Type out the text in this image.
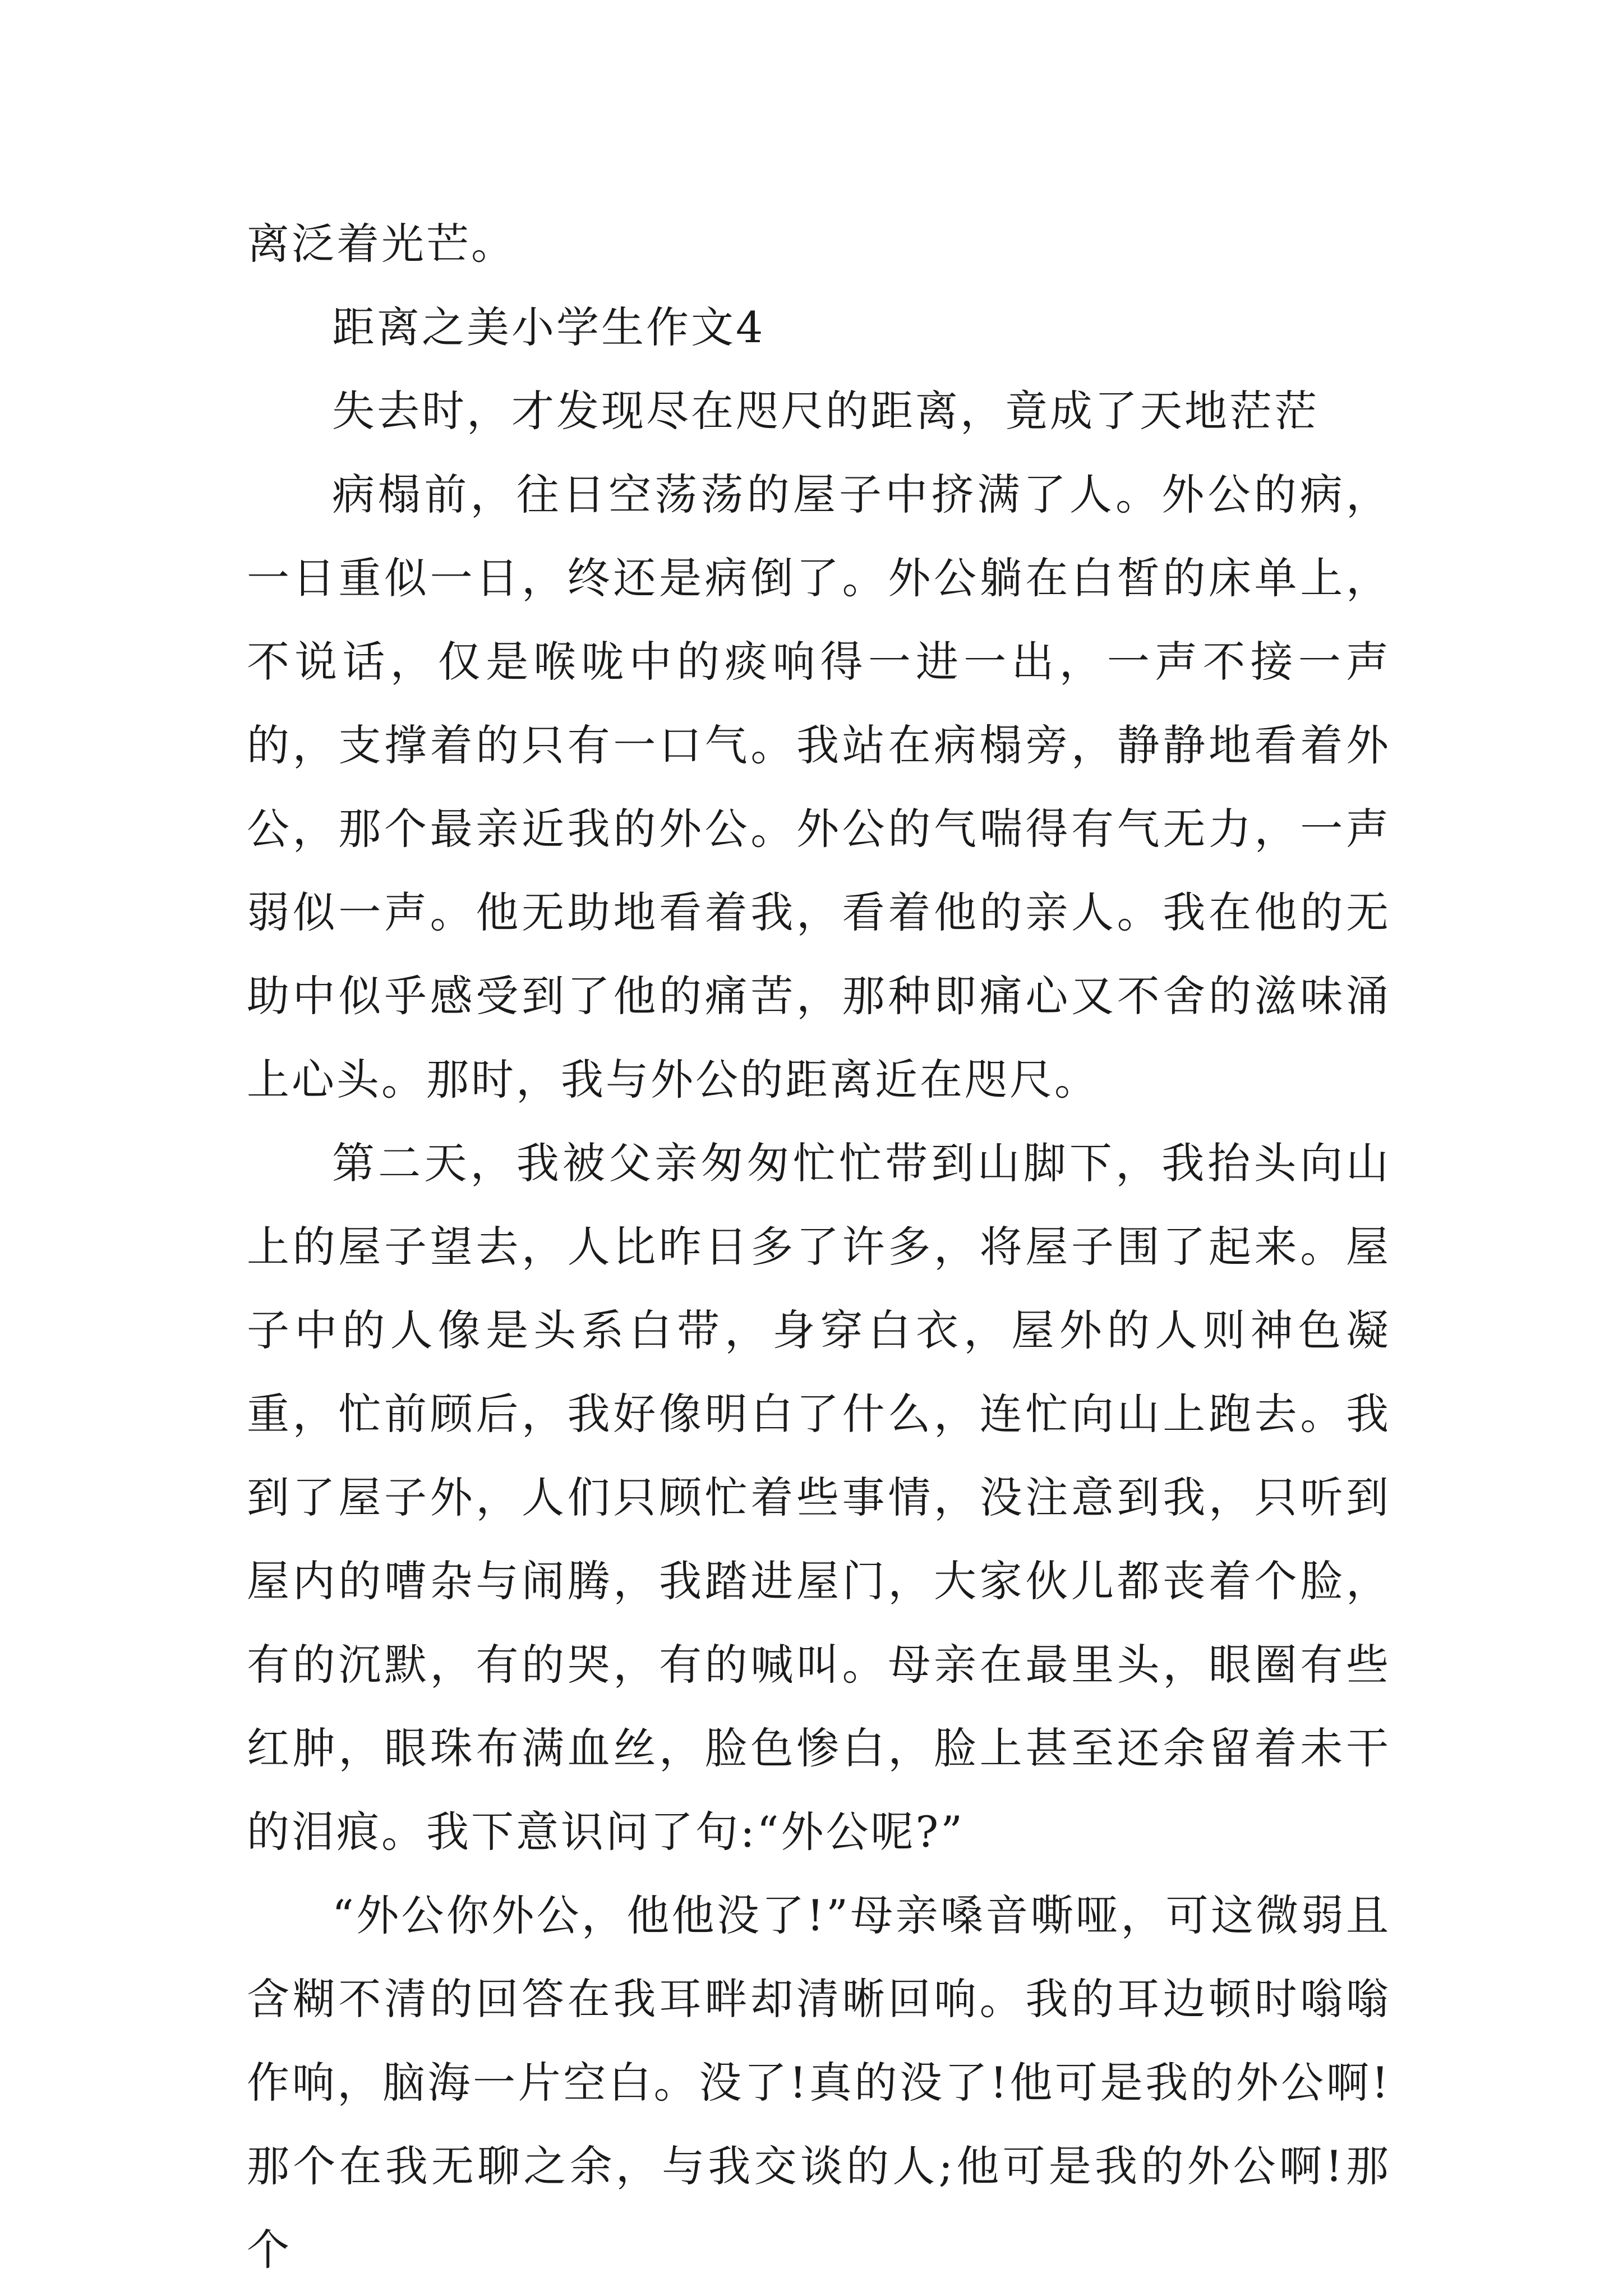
离泛着光芒。

距离之美小学生作文4

失去时，才发现尽在咫尺的距离，竟成了天地茫茫

病榻前，往日空荡荡的屋子中挤满了人。外公的病，一日重似一日，终还是病倒了。外公躺在白皙的床单上，不说话，仅是喉咙中的痰响得一进一出，一声不接一声的，支撑着的只有一口气。我站在病榻旁，静静地看着外公，那个最亲近我的外公。外公的气喘得有气无力，一声弱似一声。他无助地看着我，看着他的亲人。我在他的无助中似乎感受到了他的痛苦，那种即痛心又不舍的滋味涌上心头。那时，我与外公的距离近在咫尺。

第二天，我被父亲匆匆忙忙带到山脚下，我抬头向山上的屋子望去，人比昨日多了许多，将屋子围了起来。屋子中的人像是头系白带，身穿白衣，屋外的人则神色凝重，忙前顾后，我好像明白了什么，连忙向山上跑去。我到了屋子外，人们只顾忙着些事情，没注意到我，只听到屋内的嘈杂与闹腾，我踏进屋门，大家伙儿都丧着个脸，有的沉默，有的哭，有的喊叫。母亲在最里头，眼圈有些红肿，眼珠布满血丝，脸色惨白，脸上甚至还余留着未干的泪痕。我下意识问了句:“外公呢?”

“外公你外公，他他没了!”母亲嗓音嘶哑，可这微弱且含糊不清的回答在我耳畔却清晰回响。我的耳边顿时嗡嗡作响，脑海一片空白。没了!真的没了!他可是我的外公啊!那个在我无聊之余，与我交谈的人;他可是我的外公啊!那个
